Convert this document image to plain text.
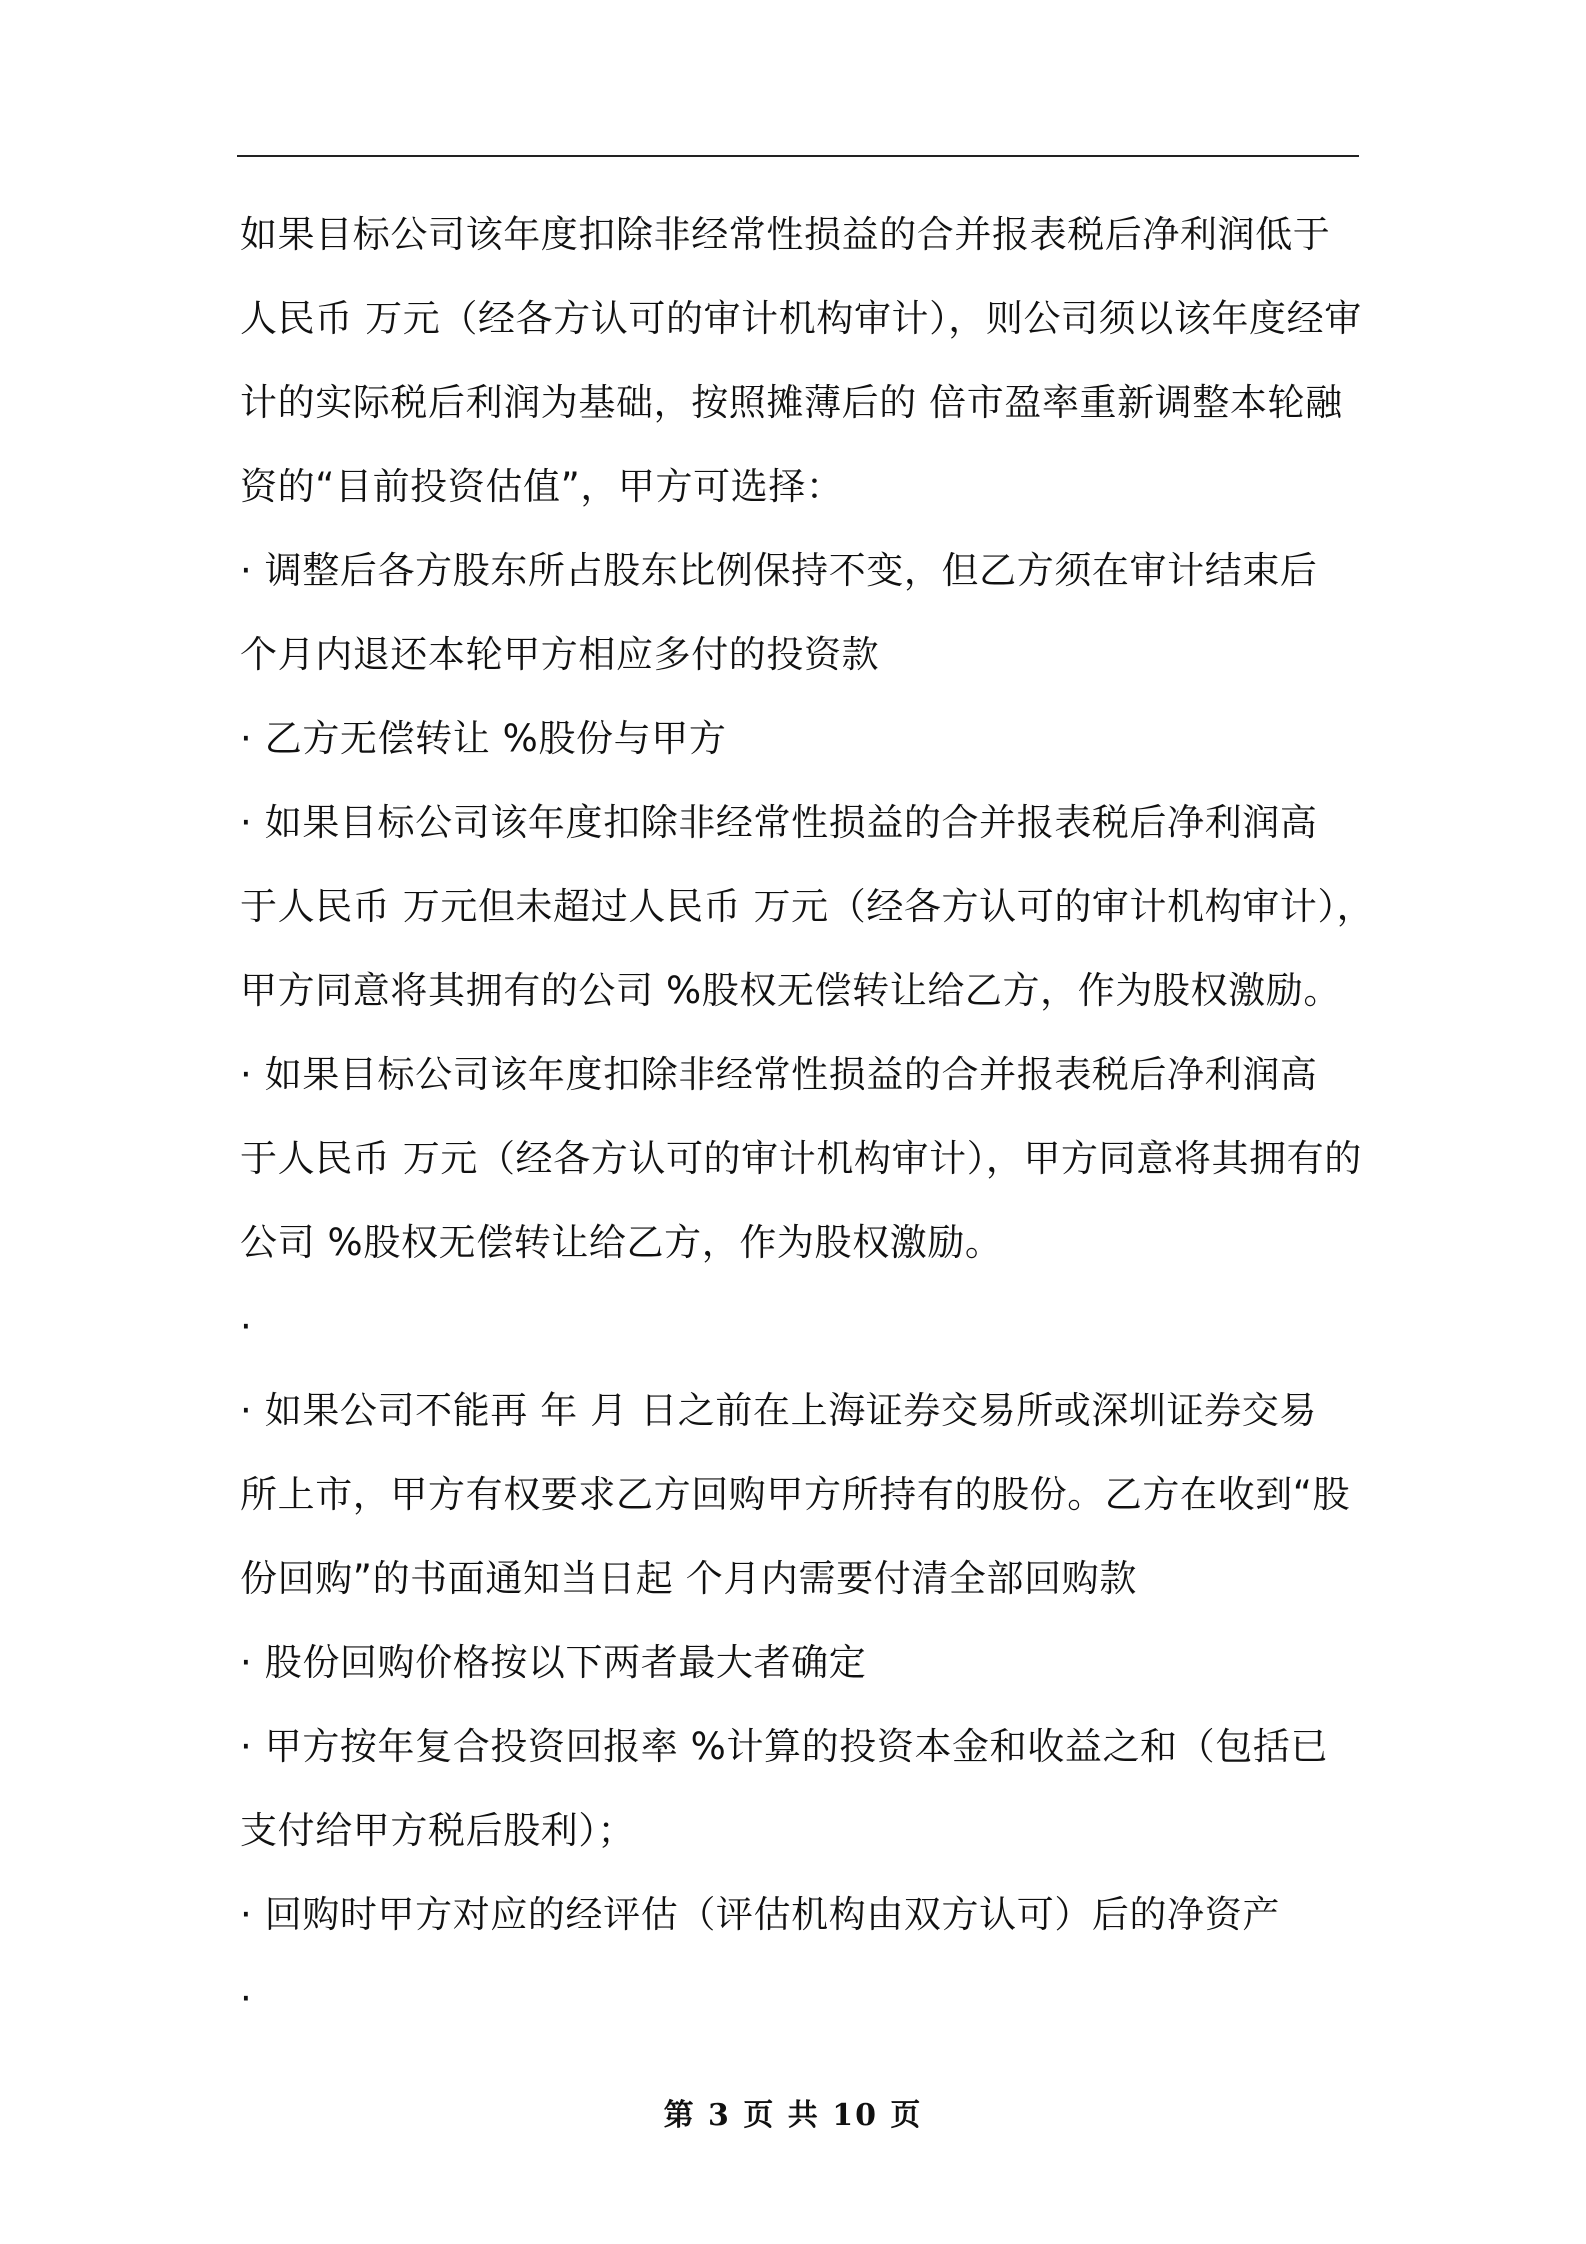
如果目标公司该年度扣除非经常性损益的合并报表税后净利润低于
人民币 万元（经各方认可的审计机构审计），则公司须以该年度经审
计的实际税后利润为基础，按照摊薄后的 倍市盈率重新调整本轮融
资的“目前投资估值”，甲方可选择：
· 调整后各方股东所占股东比例保持不变，但乙方须在审计结束后
个月内退还本轮甲方相应多付的投资款
· 乙方无偿转让 %股份与甲方
· 如果目标公司该年度扣除非经常性损益的合并报表税后净利润高
于人民币 万元但未超过人民币 万元（经各方认可的审计机构审计），
甲方同意将其拥有的公司 %股权无偿转让给乙方，作为股权激励。
· 如果目标公司该年度扣除非经常性损益的合并报表税后净利润高
于人民币 万元（经各方认可的审计机构审计），甲方同意将其拥有的
公司 %股权无偿转让给乙方，作为股权激励。
·
· 如果公司不能再 年 月 日之前在上海证券交易所或深圳证券交易
所上市，甲方有权要求乙方回购甲方所持有的股份。乙方在收到“股
份回购”的书面通知当日起 个月内需要付清全部回购款
· 股份回购价格按以下两者最大者确定
· 甲方按年复合投资回报率 %计算的投资本金和收益之和（包括已
支付给甲方税后股利）；
· 回购时甲方对应的经评估（评估机构由双方认可）后的净资产
·
第 3 页 共 10 页
